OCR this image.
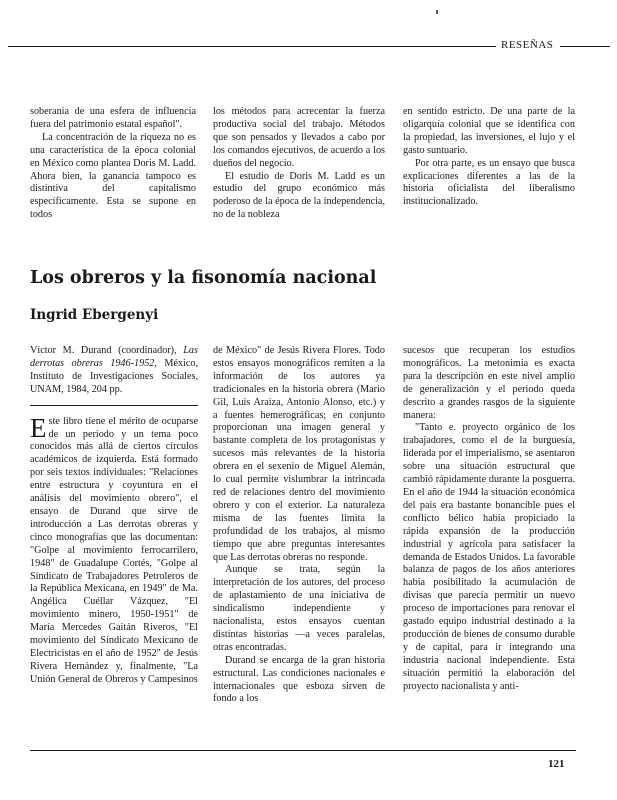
RESEÑAS

soberanía de una esfera de influencia fuera del patrimonio estatal español".

La concentración de la riqueza no es una característica de la época colonial en México como plantea Doris M. Ladd. Ahora bien, la ganancia tampoco es distintiva del capitalismo específicamente. Esta se supone en todos

los métodos para acrecentar la fuerza productiva social del trabajo. Métodos que son pensados y llevados a cabo por los comandos ejecutivos, de acuerdo a los dueños del negocio.

El estudio de Doris M. Ladd es un estudio del grupo económico más poderoso de la época de la independencia, no de la nobleza

en sentido estricto. De una parte de la oligarquía colonial que se identifica con la propiedad, las inversiones, el lujo y el gasto suntuario.

Por otra parte, es un ensayo que busca explicaciones diferentes a las de la historia oficialista del liberalismo institucionalizado.

Los obreros y la fisonomía nacional
Ingrid Ebergenyi
Víctor M. Durand (coordinador), Las derrotas obreras 1946-1952, México, Instituto de Investigaciones Sociales, UNAM, 1984, 204 pp.

Este libro tiene el mérito de ocuparse de un periodo y un tema poco conocidos más allá de ciertos círculos académicos de izquierda. Está formado por seis textos individuales: "Relaciones entre estructura y coyuntura en el análisis del movimiento obrero", el ensayo de Durand que sirve de introducción a Las derrotas obreras y cinco monografías que las documentan: "Golpe al movimiento ferrocarrilero, 1948" de Guadalupe Cortés, "Golpe al Sindicato de Trabajadores Petroleros de la República Mexicana, en 1949" de Ma. Angélica Cuéllar Vázquez, "El movimiento minero, 1950-1951" de María Mercedes Gaitán Riveros, "El movimiento del Sindicato Mexicano de Electricistas en el año de 1952" de Jesús Rivera Hernández y, finalmente, "La Unión General de Obreros y Campesinos

de México" de Jesús Rivera Flores. Todo estos ensayos monográficos remiten a la información de los autores ya tradicionales en la historia obrera (Mario Gil, Luis Araiza, Antonio Alonso, etc.) y a fuentes hemerográficas; en conjunto proporcionan una imagen general y bastante completa de los protagonistas y sucesos más relevantes de la historia obrera en el sexenio de Miguel Alemán, lo cual permite vislumbrar la intrincada red de relaciones dentro del movimiento obrero y con el exterior. La naturaleza misma de las fuentes limita la profundidad de los trabajos, al mismo tiempo que abre preguntas interesantes que Las derrotas obreras no responde.

Aunque se trata, según la interpretación de los autores, del proceso de aplastamiento de una iniciativa de sindicalismo independiente y nacionalista, estos ensayos cuentan distintas historias —a veces paralelas, otras encontradas.

Durand se encarga de la gran historia estructural. Las condiciones nacionales e internacionales que esboza sirven de fondo a los

sucesos que recuperan los estudios monográficos. La metonimia es exacta para la descripción en este nivel amplio de generalización y el periodo queda descrito a grandes rasgos de la siguiente manera:

"Tanto e. proyecto orgánico de los trabajadores, como el de la burguesía, liderada por el imperialismo, se asentaron sobre una situación estructural que cambió rápidamente durante la posguerra. En el año de 1944 la situación económica del país era bastante bonancible pues el conflicto bélico había propiciado la rápida expansión de la producción industrial y agrícola para satisfacer la demanda de Estados Unidos. La favorable balanza de pagos de los años anteriores había posibilitado la acumulación de divisas que parecía permitir un nuevo proceso de importaciones para renovar el gastado equipo industrial destinado a la producción de bienes de consumo durable y de capital, para ir integrando una industria nacional independiente. Esta situación permitió la elaboración del proyecto nacionalista y anti-

121
